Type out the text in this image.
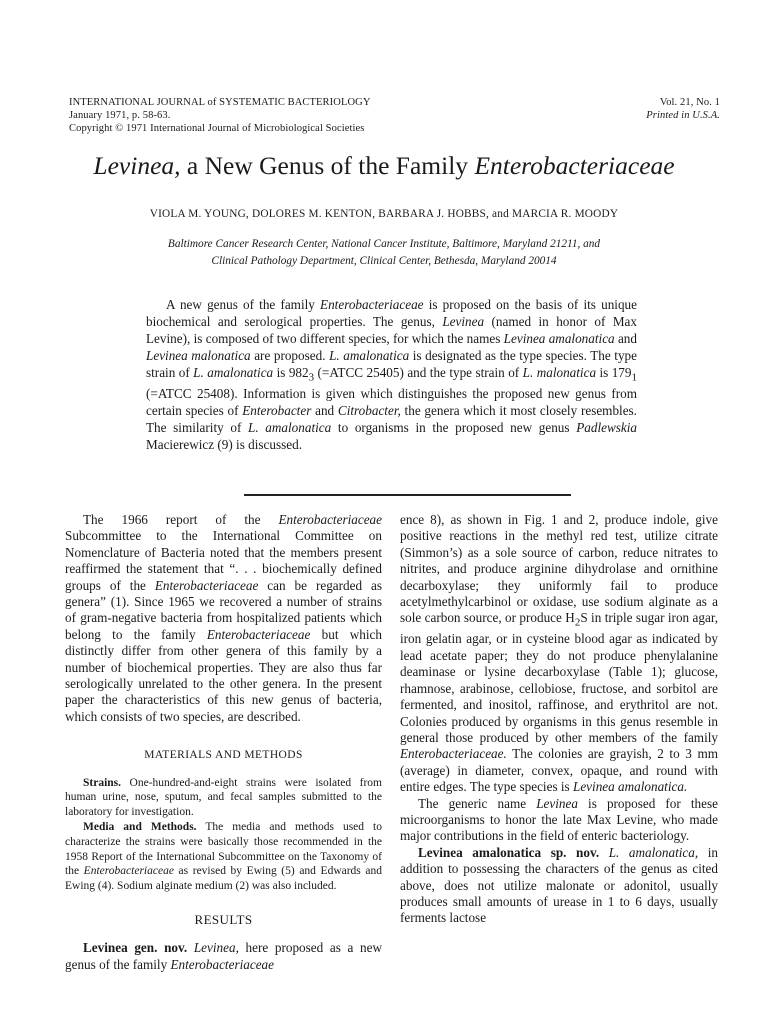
INTERNATIONAL JOURNAL of SYSTEMATIC BACTERIOLOGY
January 1971, p. 58-63.
Copyright © 1971 International Journal of Microbiological Societies
Vol. 21, No. 1
Printed in U.S.A.
Levinea, a New Genus of the Family Enterobacteriaceae
VIOLA M. YOUNG, DOLORES M. KENTON, BARBARA J. HOBBS, and MARCIA R. MOODY
Baltimore Cancer Research Center, National Cancer Institute, Baltimore, Maryland 21211, and
Clinical Pathology Department, Clinical Center, Bethesda, Maryland 20014

A new genus of the family Enterobacteriaceae is proposed on the basis of its unique biochemical and serological properties. The genus, Levinea (named in honor of Max Levine), is composed of two different species, for which the names Levinea amalonatica and Levinea malonatica are proposed. L. amalonatica is designated as the type species. The type strain of L. amalonatica is $982_3$ (=ATCC 25405) and the type strain of L. malonatica is $179_1$ (=ATCC 25408). Information is given which distinguishes the proposed new genus from certain species of Enterobacter and Citrobacter, the genera which it most closely resembles. The similarity of L. amalonatica to organisms in the proposed new genus Padlewskia Macierewicz (9) is discussed.

The 1966 report of the Enterobacteriaceae Subcommittee to the International Committee on Nomenclature of Bacteria noted that the members present reaffirmed the statement that “. . . biochemically defined groups of the Enterobacteriaceae can be regarded as genera” (1). Since 1965 we recovered a number of strains of gram-negative bacteria from hospitalized patients which belong to the family Enterobacteriaceae but which distinctly differ from other genera of this family by a number of biochemical properties. They are also thus far serologically unrelated to the other genera. In the present paper the characteristics of this new genus of bacteria, which consists of two species, are described.

MATERIALS AND METHODS

Strains. One-hundred-and-eight strains were isolated from human urine, nose, sputum, and fecal samples submitted to the laboratory for investigation.

Media and Methods. The media and methods used to characterize the strains were basically those recommended in the 1958 Report of the International Subcommittee on the Taxonomy of the Enterobacteriaceae as revised by Ewing (5) and Edwards and Ewing (4). Sodium alginate medium (2) was also included.

RESULTS

Levinea gen. nov. Levinea, here proposed as a new genus of the family Enterobacteriaceae

ence 8), as shown in Fig. 1 and 2, produce indole, give positive reactions in the methyl red test, utilize citrate (Simmon’s) as a sole source of carbon, reduce nitrates to nitrites, and produce arginine dihydrolase and ornithine decarboxylase; they uniformly fail to produce acetylmethylcarbinol or oxidase, use sodium alginate as a sole carbon source, or produce $H_2S$ in triple sugar iron agar, iron gelatin agar, or in cysteine blood agar as indicated by lead acetate paper; they do not produce phenylalanine deaminase or lysine decarboxylase (Table 1); glucose, rhamnose, arabinose, cellobiose, fructose, and sorbitol are fermented, and inositol, raffinose, and erythritol are not. Colonies produced by organisms in this genus resemble in general those produced by other members of the family Enterobacteriaceae. The colonies are grayish, 2 to 3 mm (average) in diameter, convex, opaque, and round with entire edges. The type species is Levinea amalonatica.

The generic name Levinea is proposed for these microorganisms to honor the late Max Levine, who made major contributions in the field of enteric bacteriology.

Levinea amalonatica sp. nov. L. amalonatica, in addition to possessing the characters of the genus as cited above, does not utilize malonate or adonitol, usually produces small amounts of urease in 1 to 6 days, usually ferments lactose
